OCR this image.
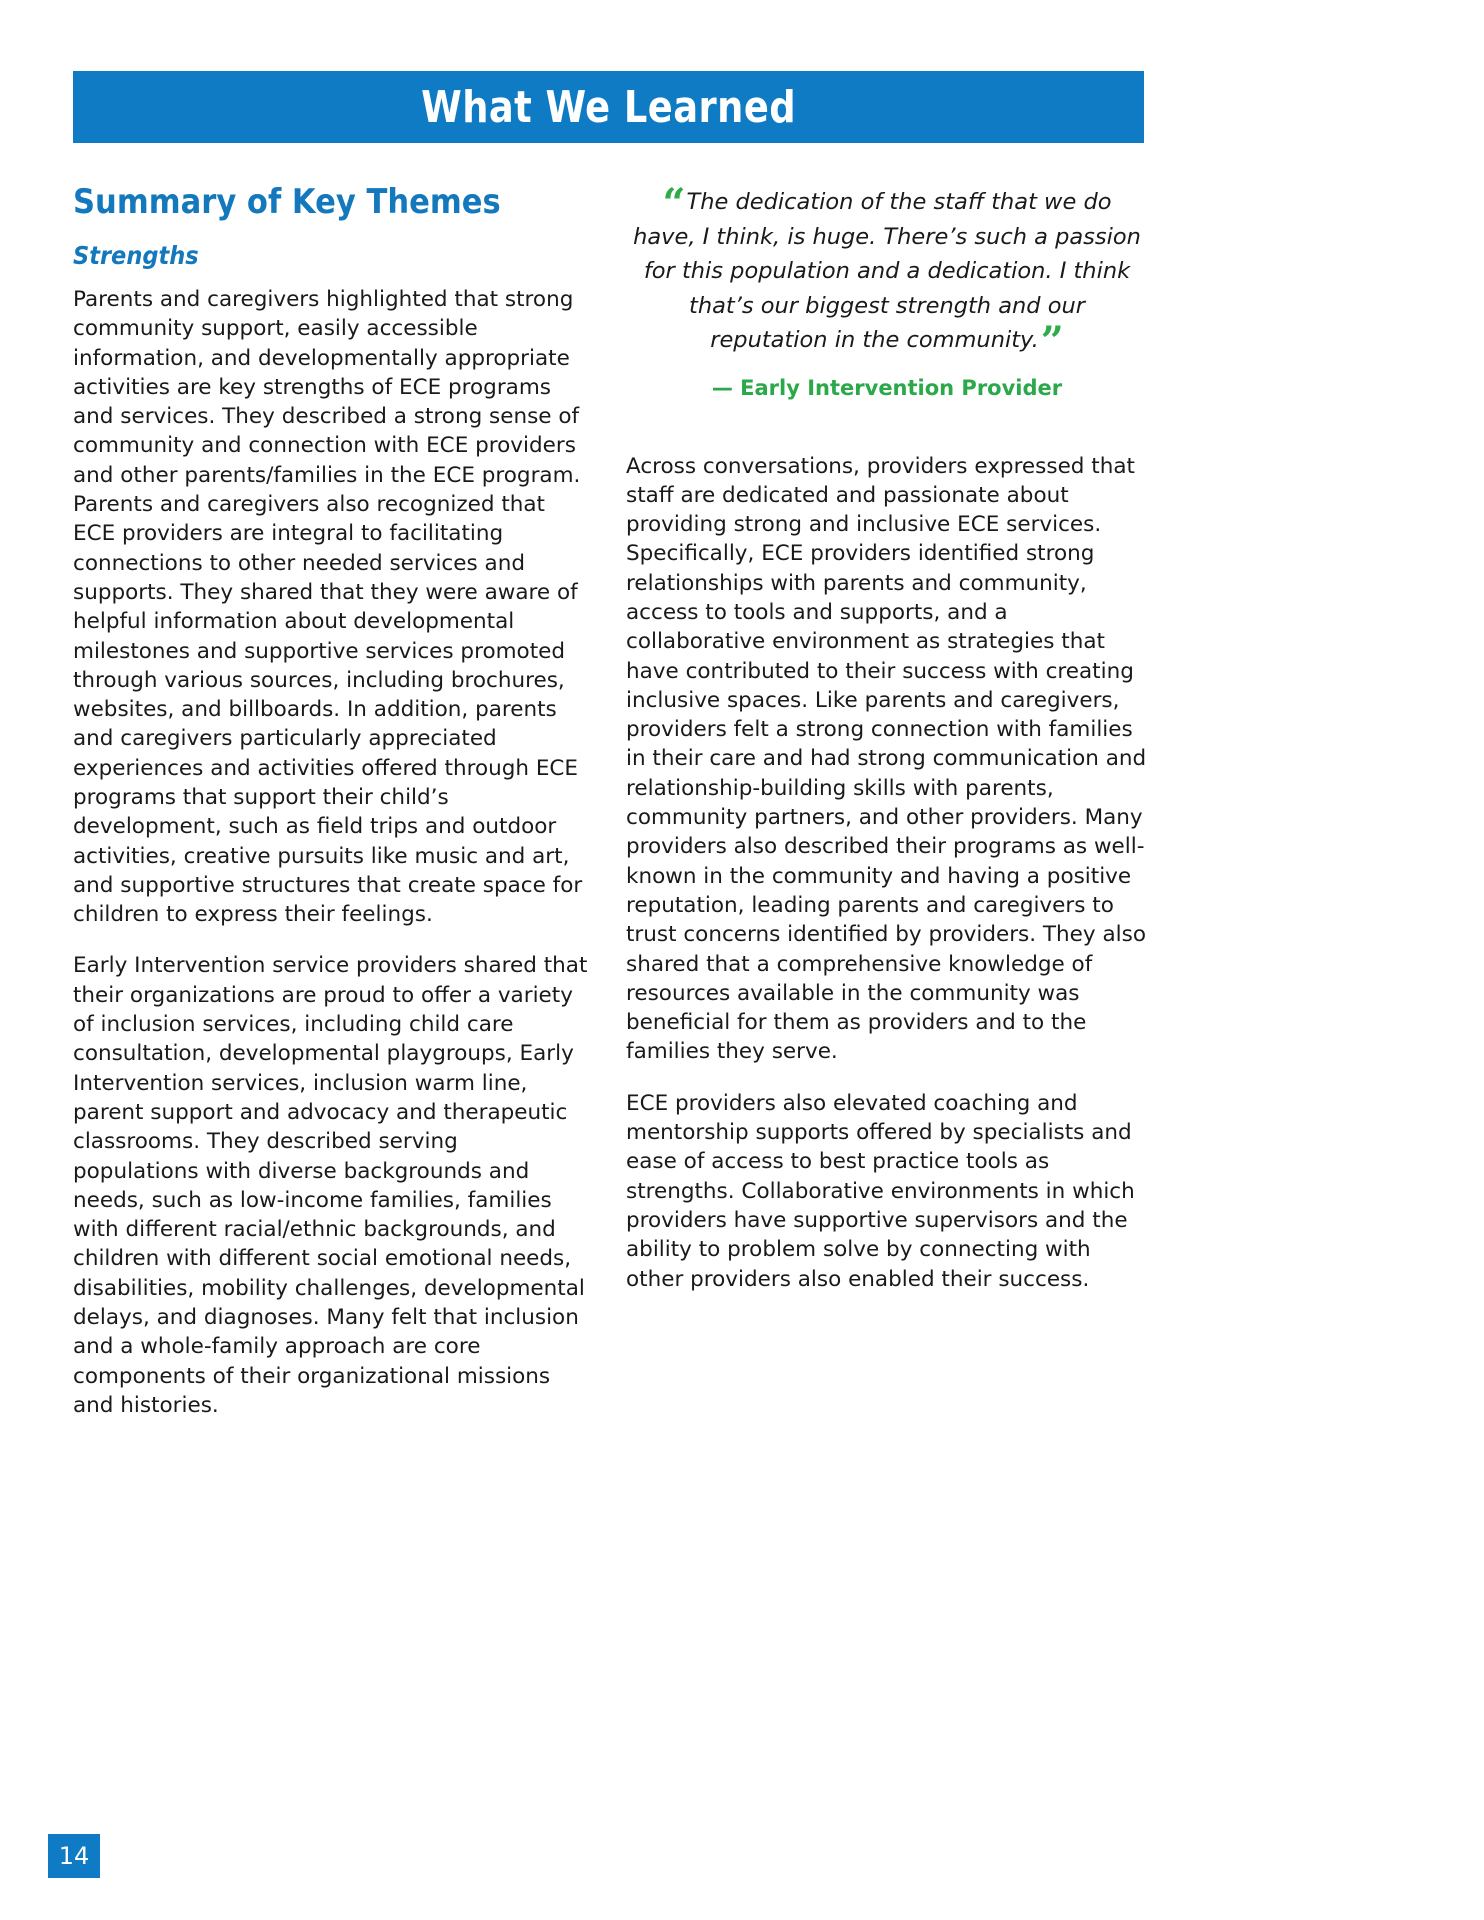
What We Learned
Summary of Key Themes
Strengths

Parents and caregivers highlighted that strong community support, easily accessible information, and developmentally appropriate activities are key strengths of ECE programs and services. They described a strong sense of community and connection with ECE providers and other parents/families in the ECE program. Parents and caregivers also recognized that ECE providers are integral to facilitating connections to other needed services and supports. They shared that they were aware of helpful information about developmental milestones and supportive services promoted through various sources, including brochures, websites, and billboards. In addition, parents and caregivers particularly appreciated experiences and activities offered through ECE programs that support their child’s development, such as field trips and outdoor activities, creative pursuits like music and art, and supportive structures that create space for children to express their feelings.

Early Intervention service providers shared that their organizations are proud to offer a variety of inclusion services, including child care consultation, developmental playgroups, Early Intervention services, inclusion warm line, parent support and advocacy and therapeutic classrooms. They described serving populations with diverse backgrounds and needs, such as low-income families, families with different racial/ethnic backgrounds, and children with different social emotional needs, disabilities, mobility challenges, developmental delays, and diagnoses. Many felt that inclusion and a whole-family approach are core components of their organizational missions and histories.

“The dedication of the staff that we do have, I think, is huge. There’s such a passion for this population and a dedication. I think that’s our biggest strength and our reputation in the community.”

— Early Intervention Provider

Across conversations, providers expressed that staff are dedicated and passionate about providing strong and inclusive ECE services. Specifically, ECE providers identified strong relationships with parents and community, access to tools and supports, and a collaborative environment as strategies that have contributed to their success with creating inclusive spaces. Like parents and caregivers, providers felt a strong connection with families in their care and had strong communication and relationship-building skills with parents, community partners, and other providers. Many providers also described their programs as well-known in the community and having a positive reputation, leading parents and caregivers to trust concerns identified by providers. They also shared that a comprehensive knowledge of resources available in the community was beneficial for them as providers and to the families they serve.

ECE providers also elevated coaching and mentorship supports offered by specialists and ease of access to best practice tools as strengths. Collaborative environments in which providers have supportive supervisors and the ability to problem solve by connecting with other providers also enabled their success.

14
